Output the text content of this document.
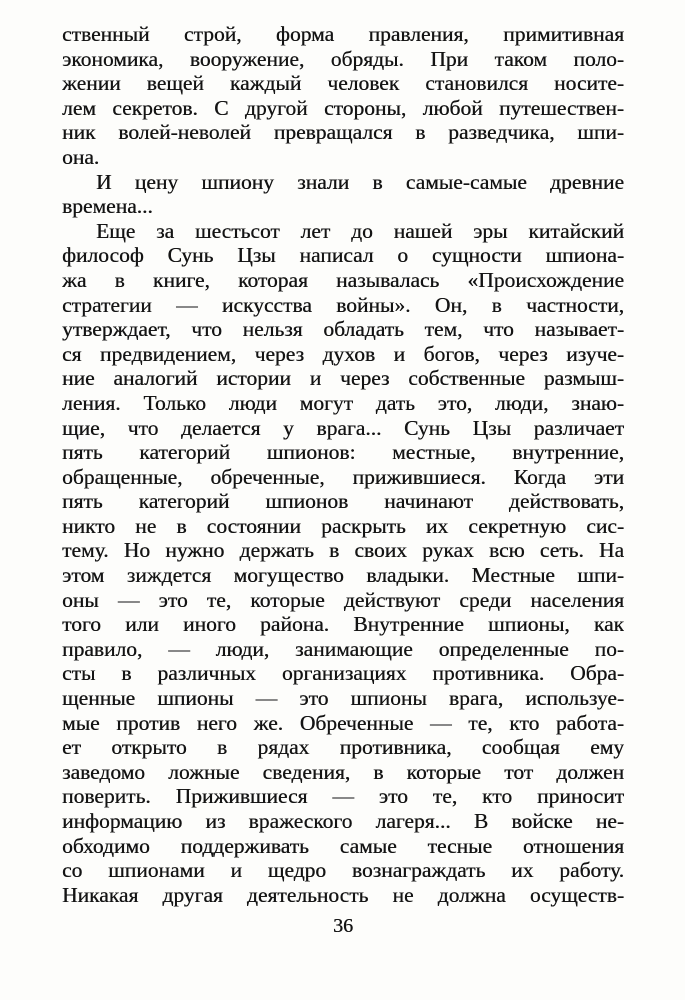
ственный строй, форма правления, примитивная
экономика, вооружение, обряды. При таком поло-
жении вещей каждый человек становился носите-
лем секретов. С другой стороны, любой путешествен-
ник волей-неволей превращался в разведчика, шпи-
она.
И цену шпиону знали в самые-самые древние
времена...
Еще за шестьсот лет до нашей эры китайский
философ Сунь Цзы написал о сущности шпиона-
жа в книге, которая называлась «Происхождение
стратегии — искусства войны». Он, в частности,
утверждает, что нельзя обладать тем, что называет-
ся предвидением, через духов и богов, через изуче-
ние аналогий истории и через собственные размыш-
ления. Только люди могут дать это, люди, знаю-
щие, что делается у врага... Сунь Цзы различает
пять категорий шпионов: местные, внутренние,
обращенные, обреченные, прижившиеся. Когда эти
пять категорий шпионов начинают действовать,
никто не в состоянии раскрыть их секретную сис-
тему. Но нужно держать в своих руках всю сеть. На
этом зиждется могущество владыки. Местные шпи-
оны — это те, которые действуют среди населения
того или иного района. Внутренние шпионы, как
правило, — люди, занимающие определенные по-
сты в различных организациях противника. Обра-
щенные шпионы — это шпионы врага, используе-
мые против него же. Обреченные — те, кто работа-
ет открыто в рядах противника, сообщая ему
заведомо ложные сведения, в которые тот должен
поверить. Прижившиеся — это те, кто приносит
информацию из вражеского лагеря... В войске не-
обходимо поддерживать самые тесные отношения
со шпионами и щедро вознаграждать их работу.
Никакая другая деятельность не должна осуществ-
36
